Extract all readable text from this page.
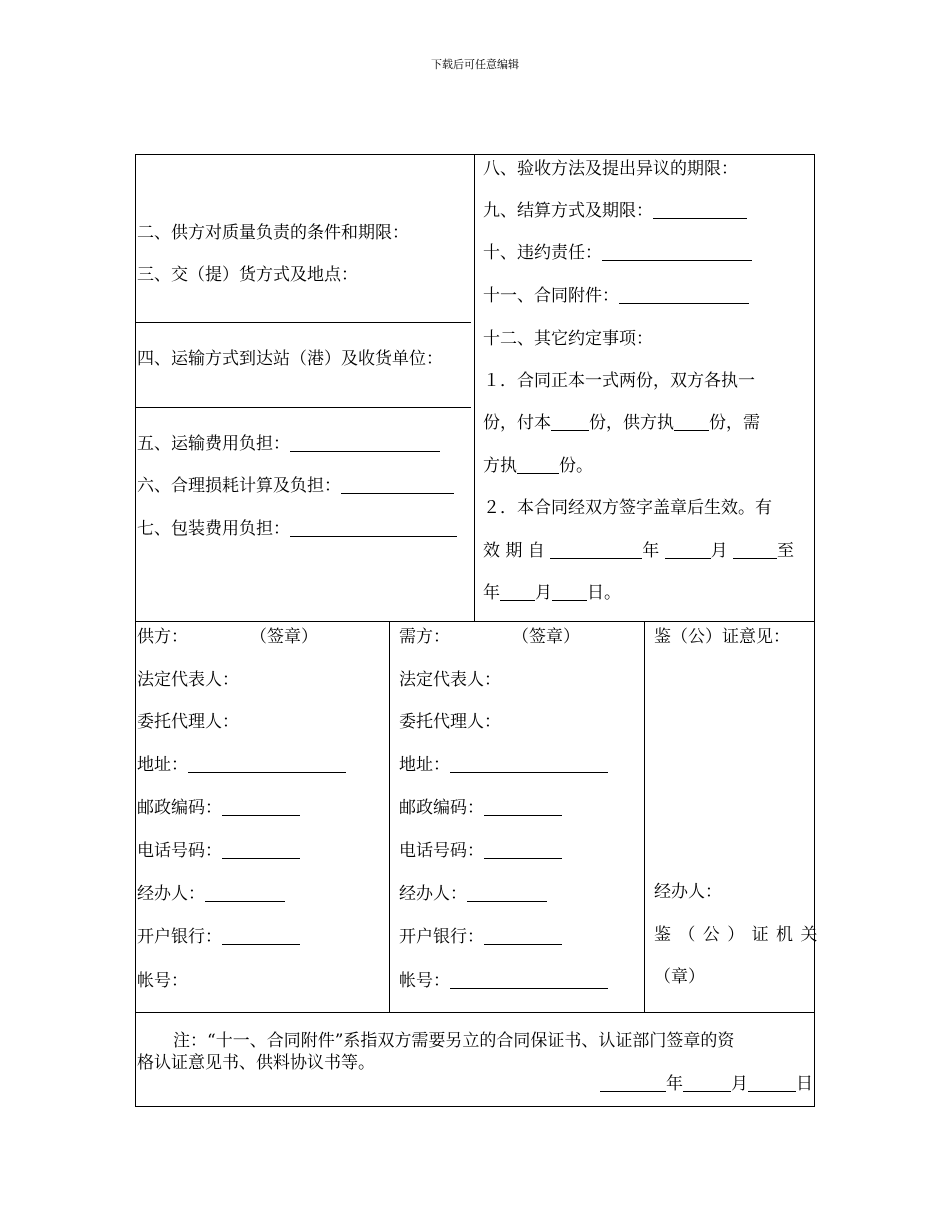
下载后可任意编辑
二、供方对质量负责的条件和期限：
三、交（提）货方式及地点：
四、运输方式到达站（港）及收货单位：
五、运输费用负担：
六、合理损耗计算及负担：
七、包装费用负担：
八、验收方法及提出异议的期限：
九、结算方式及期限：
十、违约责任：
十一、合同附件：
十二、其它约定事项：
１．合同正本一式两份，双方各执一
份，付本 份，供方执 份，需
方执 份。
２．本合同经双方签字盖章后生效。有
效 期 自	年	月	至
年 月 日。
供方：	（签章）
法定代表人：
委托代理人：
地址：
邮政编码：
电话号码：
经办人：
开户银行：
帐号：
需方：	（签章）
法定代表人：
委托代理人：
地址：
邮政编码：
电话号码：
经办人：
开户银行：
帐号：
鉴（公）证意见：
经办人：
鉴 （ 公 ） 证 机 关
（章）
注：“十一、合同附件”系指双方需要另立的合同保证书、认证部门签章的资
格认证意见书、供料协议书等。
年	月	日
